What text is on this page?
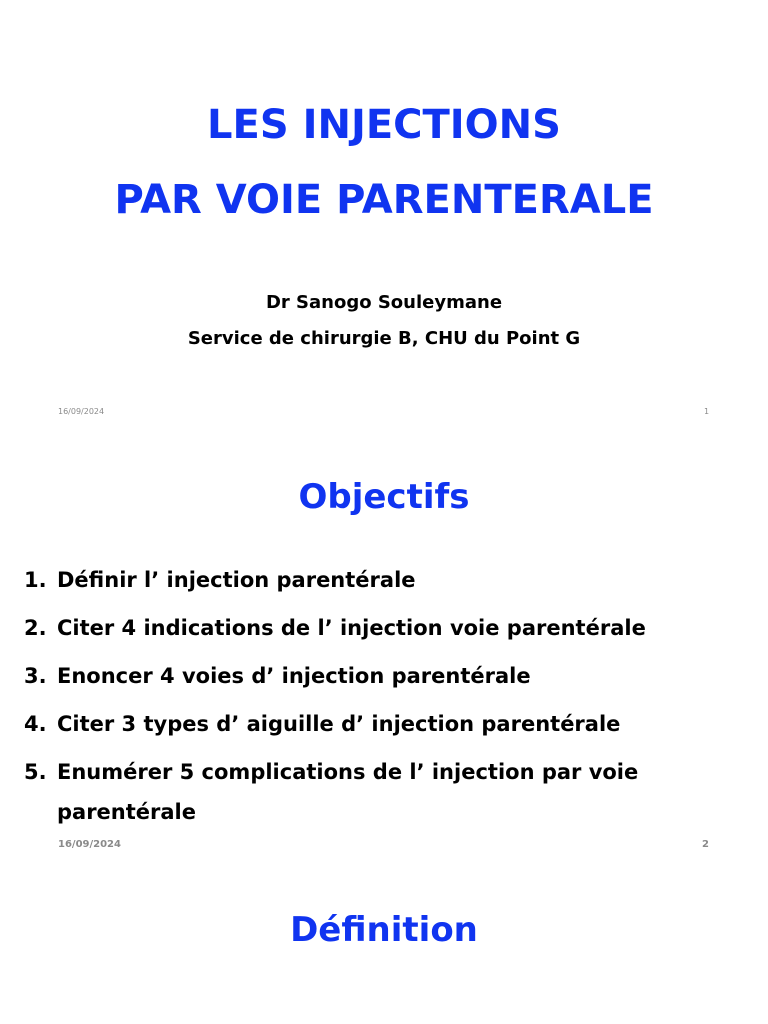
LES INJECTIONS
PAR VOIE PARENTERALE
Dr Sanogo Souleymane
Service de chirurgie B, CHU du Point G
16/09/2024	1
Objectifs
1. Définir l’ injection parentérale
2. Citer 4 indications de l’ injection voie parentérale
3. Enoncer 4 voies d’ injection parentérale
4. Citer 3 types d’ aiguille d’ injection parentérale
5. Enumérer 5 complications de l’ injection par voie parentérale
16/09/2024	2
Définition
